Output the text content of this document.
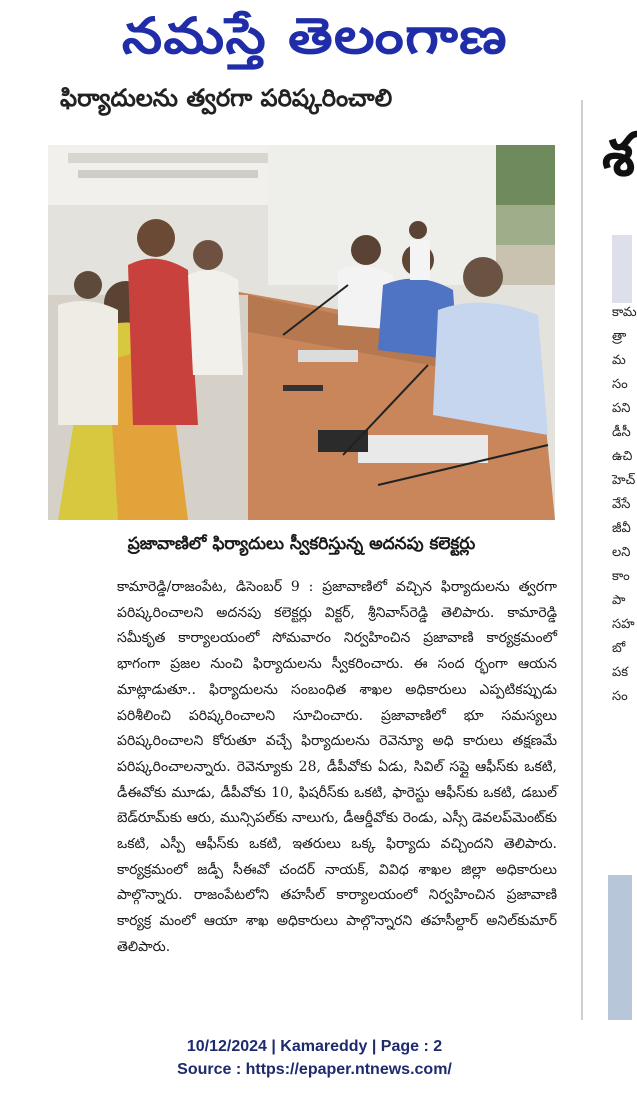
నమస్తే తెలంగాణ
ఫిర్యాదులను త్వరగా పరిష్కరించాలి
ప్రజావాణిలో ఫిర్యాదులు స్వీకరిస్తున్న అదనపు కలెక్టర్లు
కామారెడ్డి/రాజంపేట, డిసెంబర్ 9 : ప్రజావాణిలో వచ్చిన ఫిర్యాదులను త్వరగా పరిష్కరించాలని అదనపు కలెక్టర్లు విక్టర్, శ్రీనివాస్‌రెడ్డి తెలిపారు. కామారెడ్డి సమీకృత కార్యాలయంలో సోమవారం నిర్వహించిన ప్రజావాణి కార్యక్రమంలో భాగంగా ప్రజల నుంచి ఫిర్యాదులను స్వీకరించారు. ఈ సంద ర్భంగా ఆయన మాట్లాడుతూ.. ఫిర్యాదులను సంబంధిత శాఖల అధికారులు ఎప్పటికప్పుడు పరిశీలించి పరిష్కరించాలని సూచించారు. ప్రజావాణిలో భూ సమస్యలు పరిష్కరించాలని కోరుతూ వచ్చే ఫిర్యాదులను రెవెన్యూ అధి కారులు తక్షణమే పరిష్కరించాలన్నారు. రెవెన్యూకు 28, డీపీవోకు ఏడు, సివిల్ సప్లై ఆఫీస్‌కు ఒకటి, డీఈవోకు మూడు, డీపీవోకు 10, ఫిషరీస్‌కు ఒకటి, ఫారెస్టు ఆఫీస్‌కు ఒకటి, డబుల్ బెడ్‌రూమ్‌కు ఆరు, మున్సిపల్‌కు నాలుగు, డీఆర్డీవోకు రెండు, ఎస్సీ డెవలప్‌మెంట్‌కు ఒకటి, ఎస్పీ ఆఫీస్‌కు ఒకటి, ఇతరులు ఒక్క ఫిర్యాదు వచ్చిందని తెలిపారు. కార్యక్రమంలో జడ్పీ సీఈవో చందర్ నాయక్, వివిధ శాఖల జిల్లా అధికారులు పాల్గొన్నారు. రాజంపేటలోని తహసీల్ కార్యాలయంలో నిర్వహించిన ప్రజావాణి కార్యక్ర మంలో ఆయా శాఖ అధికారులు పాల్గొన్నారని తహసీల్దార్ అనిల్‌కుమార్ తెలిపారు.
శ
కామ
త్రా
మ
సం
పని
డీసీ
ఉచి
హెచ్
వేసే
జీవీ
లని
కాం
పా
సహ
బో
పక
సం
10/12/2024 | Kamareddy | Page : 2
Source : https://epaper.ntnews.com/
